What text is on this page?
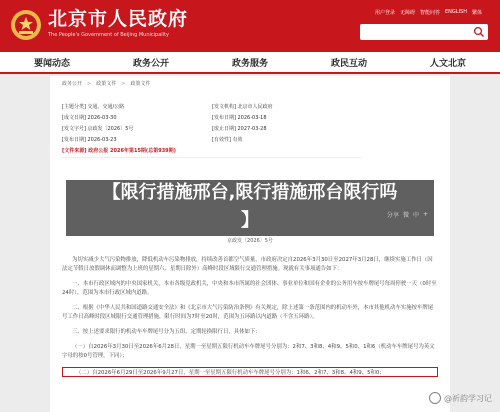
北京市人民政府
The People's Government of Beijing Municipality
用户登录 无障碍 智能问答 ENGLISH 繁体
要闻动态	政务公开	政务服务	政民互动	人文北京
政务公开 > 政策文件 > 政策文件
[主题分类] 交通、交通/公路	[发文机构] 北京市人民政府
[成文日期] 2026-03-30	[发布日期] 2026-03-18
[发文字号] 京政发〔2026〕5号	[废止日期] 2027-03-28
[发布日期] 2026-03-23	[有效性] 有效
[文件来源] 政府公报 2026年第15期(总第939期)
【限行措施邢台,限行措施邢台限行吗
】	分享 微 中 +
京政发〔2026〕5号

为切实减少大气污染物排放，降低机动车污染物排放，持续改善首都空气质量，市政府决定自2026年3月30日至2027年3月28日，继续实施工作日（因法定节假日放假调休而调整为上班的星期六、星期日除外）高峰时段区域限行交通管理措施。现就有关事项通告如下：

一、本市行政区域内的中央国家机关，本市各级党政机关，中央和本市所属的社会团体、事业单位和国有企业的公务用车按车牌尾号每周停驶一天（0时至24时），范围为本市行政区域内道路。

二、根据《中华人民共和国道路交通安全法》和《北京市大气污染防治条例》有关规定，除上述第一条范围内的机动车外，本市其他机动车实施按车牌尾号工作日高峰时段区域限行交通管理措施，限行时间为7时至20时，范围为五环路以内道路（不含五环路）。

三、按上述要求限行的机动车车牌尾号分为五组，定期轮换限行日，具体如下：

（一）自2026年3月30日至2026年6月28日，星期一至星期五限行机动车车牌尾号分别为：2和7、3和8、4和9、5和0、1和6（机动车车牌尾号为英文字母的按0号管理，下同）；

（二）自2026年6月29日至2026年9月27日，星期一至星期五限行机动车车牌尾号分别为：1和6、2和7、3和8、4和9、5和0；
@祈韵学习记
